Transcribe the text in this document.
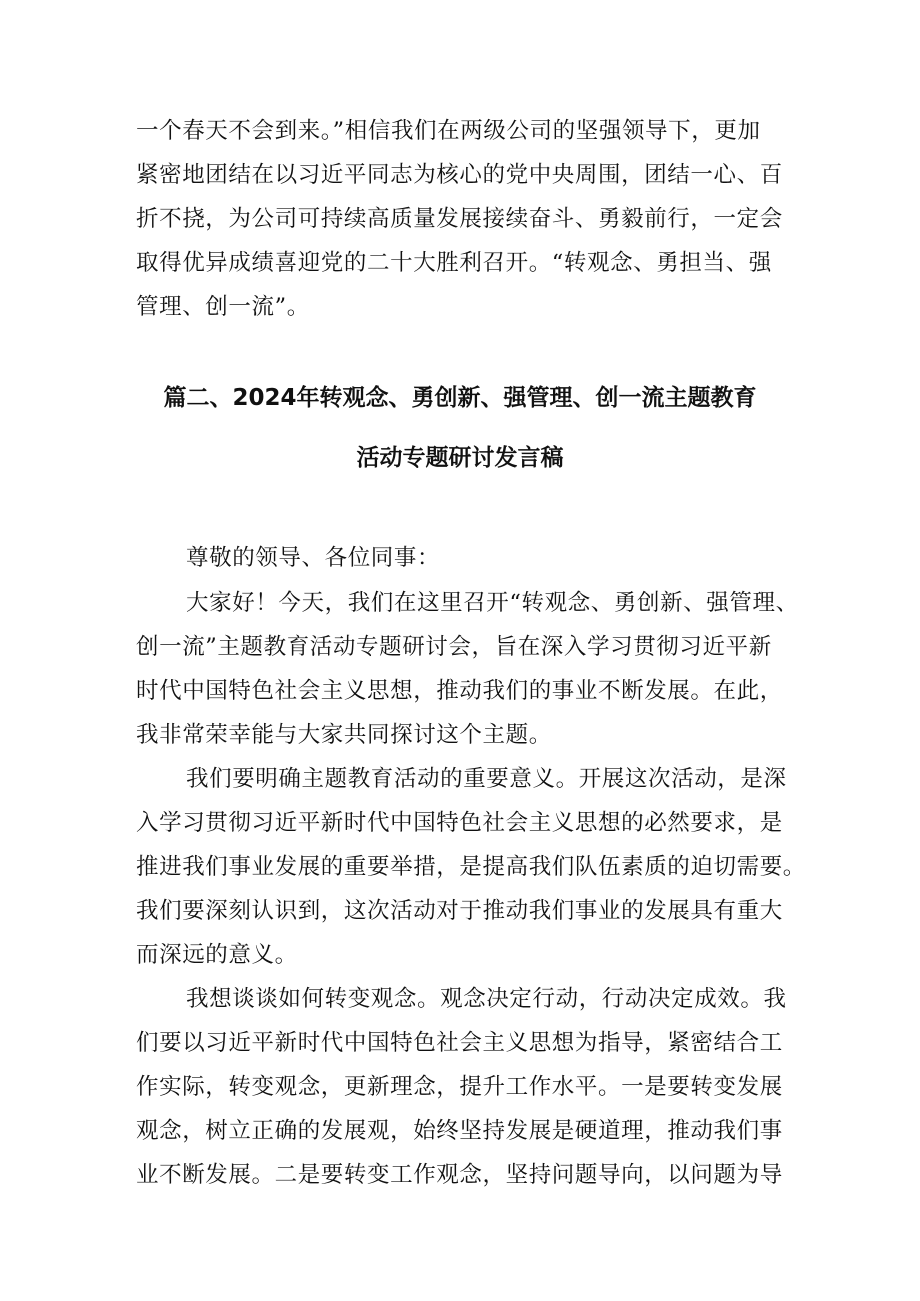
一个春天不会到来。”相信我们在两级公司的坚强领导下，更加
紧密地团结在以习近平同志为核心的党中央周围，团结一心、百
折不挠，为公司可持续高质量发展接续奋斗、勇毅前行，一定会
取得优异成绩喜迎党的二十大胜利召开。“转观念、勇担当、强
管理、创一流”。
篇二、2024年转观念、勇创新、强管理、创一流主题教育
活动专题研讨发言稿
尊敬的领导、各位同事：
大家好！今天，我们在这里召开“转观念、勇创新、强管理、
创一流”主题教育活动专题研讨会，旨在深入学习贯彻习近平新
时代中国特色社会主义思想，推动我们的事业不断发展。在此，
我非常荣幸能与大家共同探讨这个主题。
我们要明确主题教育活动的重要意义。开展这次活动，是深
入学习贯彻习近平新时代中国特色社会主义思想的必然要求，是
推进我们事业发展的重要举措，是提高我们队伍素质的迫切需要。
我们要深刻认识到，这次活动对于推动我们事业的发展具有重大
而深远的意义。
我想谈谈如何转变观念。观念决定行动，行动决定成效。我
们要以习近平新时代中国特色社会主义思想为指导，紧密结合工
作实际，转变观念，更新理念，提升工作水平。一是要转变发展
观念，树立正确的发展观，始终坚持发展是硬道理，推动我们事
业不断发展。二是要转变工作观念，坚持问题导向，以问题为导
